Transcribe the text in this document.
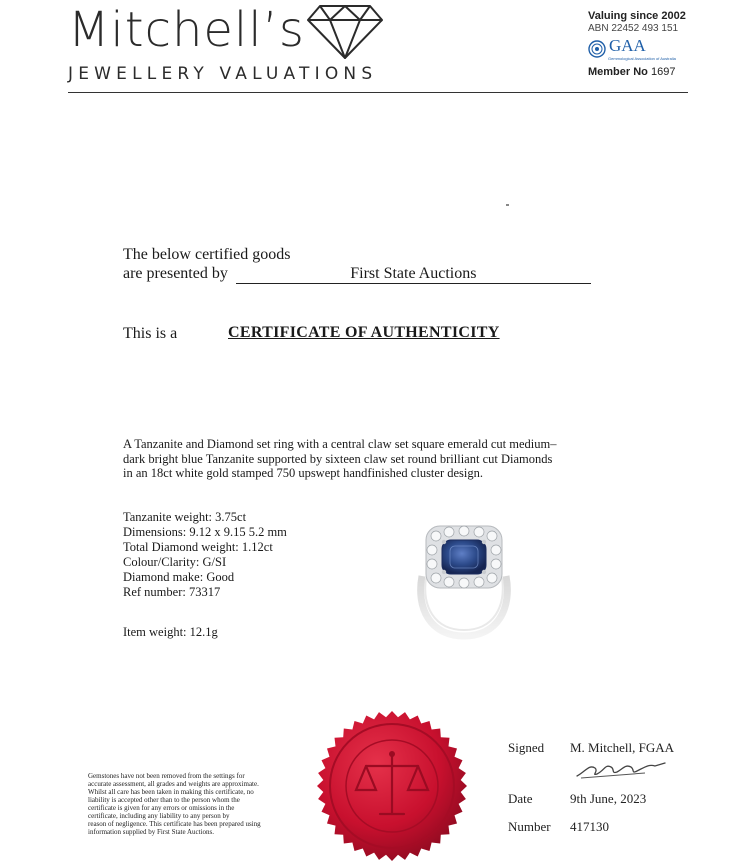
Mitchell’s
JEWELLERY VALUATIONS
Valuing since 2002
ABN 22452 493 151
GAA
Gemmological Association of Australia
Member No 1697
The below certified goods
are presented by	First State Auctions
This is a	CERTIFICATE OF AUTHENTICITY
A Tanzanite and Diamond set ring with a central claw set square emerald cut medium–
dark bright blue Tanzanite supported by sixteen claw set round brilliant cut Diamonds
in an 18ct white gold stamped 750 upswept handfinished cluster design.
Tanzanite weight: 3.75ct
Dimensions: 9.12 x 9.15 5.2 mm
Total Diamond weight: 1.12ct
Colour/Clarity: G/SI
Diamond make: Good
Ref number: 73317
Item weight: 12.1g
Gemstones have not been removed from the settings for
accurate assessment, all grades and weights are approximate.
Whilst all care has been taken in making this certificate, no
liability is accepted other than to the person whom the
certificate is given for any errors or omissions in the
certificate, including any liability to any person by
reason of negligence. This certificate has been prepared using
information supplied by First State Auctions.
Signed M. Mitchell, FGAA
Date	9th June, 2023
Number 417130
